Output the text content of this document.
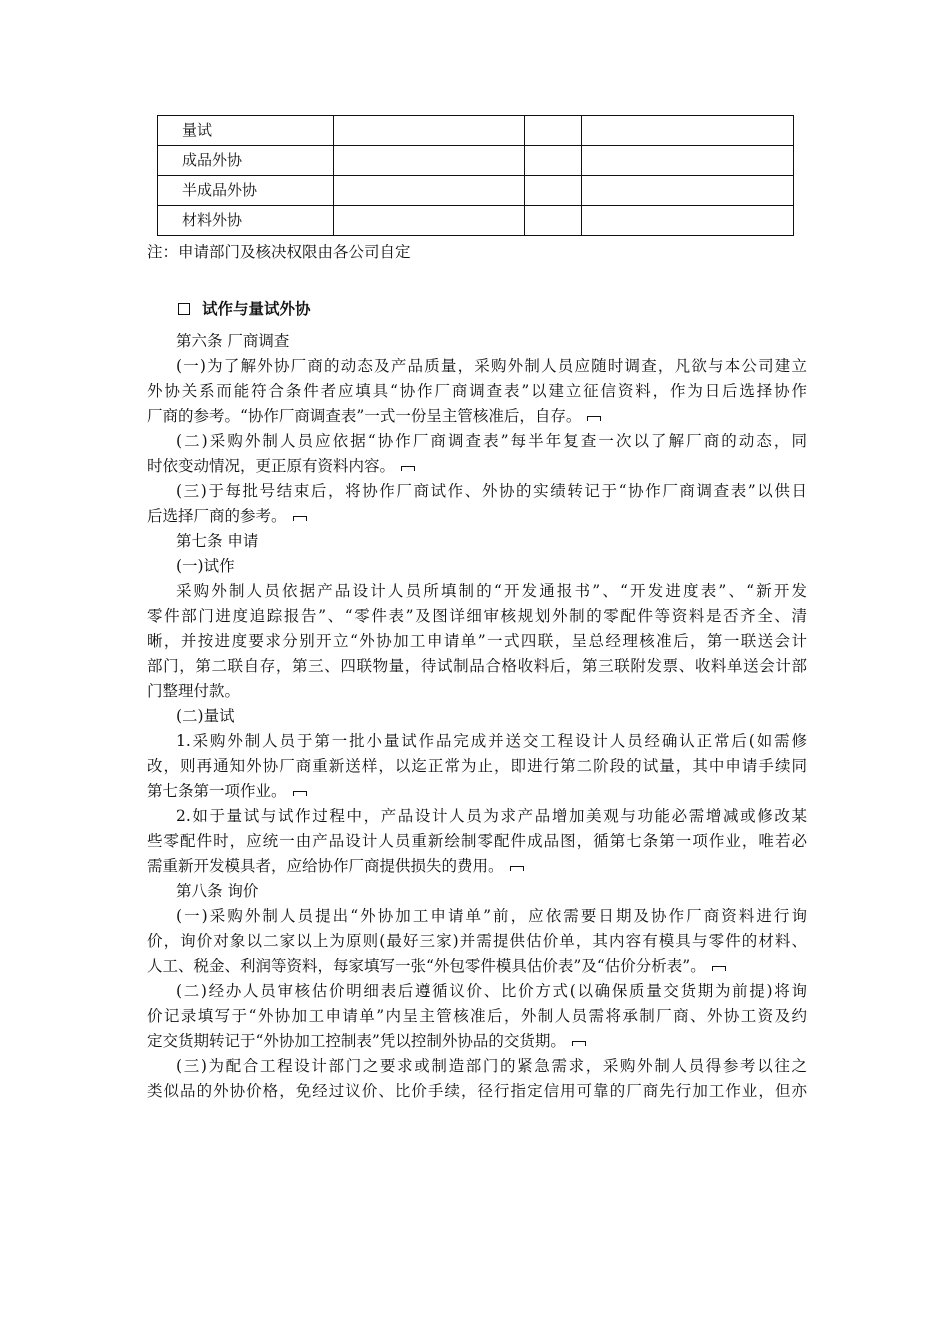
量试			
成品外协			
半成品外协			
材料外协			
注：申请部门及核决权限由各公司自定
试作与量试外协
第六条 厂商调查
(一)为了解外协厂商的动态及产品质量，采购外制人员应随时调查，凡欲与本公司建立
外协关系而能符合条件者应填具“协作厂商调查表”以建立征信资料，作为日后选择协作
厂商的参考。“协作厂商调查表”一式一份呈主管核准后，自存。
(二)采购外制人员应依据“协作厂商调查表”每半年复查一次以了解厂商的动态，同
时依变动情况，更正原有资料内容。
(三)于每批号结束后，将协作厂商试作、外协的实绩转记于“协作厂商调查表”以供日
后选择厂商的参考。
第七条 申请
(一)试作
采购外制人员依据产品设计人员所填制的“开发通报书”、“开发进度表”、“新开发
零件部门进度追踪报告”、“零件表”及图详细审核规划外制的零配件等资料是否齐全、清
晰，并按进度要求分别开立“外协加工申请单”一式四联，呈总经理核准后，第一联送会计
部门，第二联自存，第三、四联物量，待试制品合格收料后，第三联附发票、收料单送会计部
门整理付款。
(二)量试
1.采购外制人员于第一批小量试作品完成并送交工程设计人员经确认正常后(如需修
改，则再通知外协厂商重新送样，以迄正常为止，即进行第二阶段的试量，其中申请手续同
第七条第一项作业。
2.如于量试与试作过程中，产品设计人员为求产品增加美观与功能必需增减或修改某
些零配件时，应统一由产品设计人员重新绘制零配件成品图，循第七条第一项作业，唯若必
需重新开发模具者，应给协作厂商提供损失的费用。
第八条 询价
(一)采购外制人员提出“外协加工申请单”前，应依需要日期及协作厂商资料进行询
价，询价对象以二家以上为原则(最好三家)并需提供估价单，其内容有模具与零件的材料、
人工、税金、利润等资料，每家填写一张“外包零件模具估价表”及“估价分析表”。
(二)经办人员审核估价明细表后遵循议价、比价方式(以确保质量交货期为前提)将询
价记录填写于“外协加工申请单”内呈主管核准后，外制人员需将承制厂商、外协工资及约
定交货期转记于“外协加工控制表”凭以控制外协品的交货期。
(三)为配合工程设计部门之要求或制造部门的紧急需求，采购外制人员得参考以往之
类似品的外协价格，免经过议价、比价手续，径行指定信用可靠的厂商先行加工作业，但亦
